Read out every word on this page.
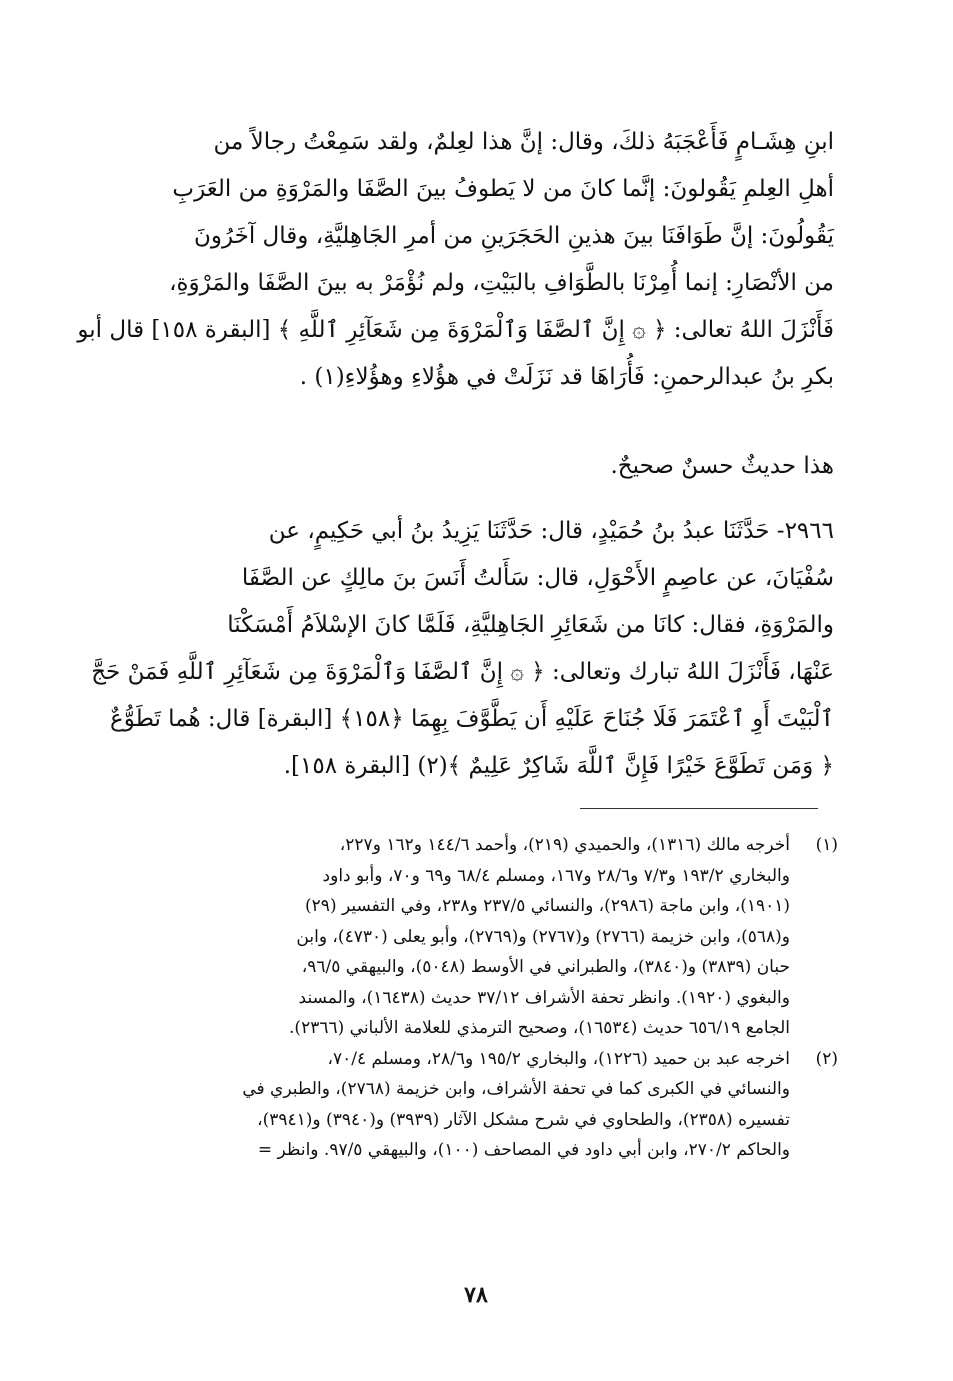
ابنِ هِشَـامٍ فَأَعْجَبَهُ ذلكَ، وقال: إنَّ هذا لعِلمٌ، ولقد سَمِعْتُ رجالاً من
أهلِ العِلمِ يَقُولونَ: إنَّما كانَ من لا يَطوفُ بينَ الصَّفَا والمَرْوَةِ من العَرَبِ
يَقُولُونَ: إنَّ طَوَافَنَا بينَ هذينِ الحَجَرَينِ من أمرِ الجَاهِليَّةِ، وقال آخَرُونَ
من الأنْصَارِ: إنما أُمِرْنَا بالطَّوَافِ بالبَيْتِ، ولم نُؤْمَرْ به بينَ الصَّفَا والمَرْوَةِ،
فَأَنْزَلَ اللهُ تعالى: ﴿ ۞ إِنَّ ٱلصَّفَا وَٱلْمَرْوَةَ مِن شَعَآئِرِ ٱللَّهِ ﴾ [البقرة ١٥٨] قال أبو
بكرِ بنُ عبدالرحمنِ: فَأُرَاهَا قد نَزَلَتْ في هؤُلاءِ وهؤُلاءِ(١) .
هذا حديثٌ حسنٌ صحيحٌ.
٢٩٦٦- حَدَّثَنَا عبدُ بنُ حُمَيْدٍ، قال: حَدَّثَنَا يَزِيدُ بنُ أبي حَكِيمٍ، عن
سُفْيَانَ، عن عاصِمٍ الأَحْوَلِ، قال: سَأَلتُ أَنَسَ بنَ مالِكٍ عن الصَّفَا
والمَرْوَةِ، فقال: كانَا من شَعَائِرِ الجَاهِليَّةِ، فَلَمَّا كانَ الإسْلاَمُ أَمْسَكْنَا
عَنْهَا، فَأَنْزَلَ اللهُ تبارك وتعالى: ﴿ ۞ إِنَّ ٱلصَّفَا وَٱلْمَرْوَةَ مِن شَعَآئِرِ ٱللَّهِ فَمَنْ حَجَّ
ٱلْبَيْتَ أَوِ ٱعْتَمَرَ فَلَا جُنَاحَ عَلَيْهِ أَن يَطَّوَّفَ بِهِمَا ﴿١٥٨﴾ [البقرة] قال: هُما تَطَوُّعٌ
﴿ وَمَن تَطَوَّعَ خَيْرًا فَإِنَّ ٱللَّهَ شَاكِرٌ عَلِيمٌ ﴾(٢) [البقرة ١٥٨].
(١)
أخرجه مالك (١٣١٦)، والحميدي (٢١٩)، وأحمد ١٤٤/٦ و١٦٢ و٢٢٧،
والبخاري ١٩٣/٢ و٧/٣ و٢٨/٦ و١٦٧، ومسلم ٦٨/٤ و٦٩ و٧٠، وأبو داود
(١٩٠١)، وابن ماجة (٢٩٨٦)، والنسائي ٢٣٧/٥ و٢٣٨، وفي التفسير (٢٩)
و(٥٦٨)، وابن خزيمة (٢٧٦٦) و(٢٧٦٧) و(٢٧٦٩)، وأبو يعلى (٤٧٣٠)، وابن
حبان (٣٨٣٩) و(٣٨٤٠)، والطبراني في الأوسط (٥٠٤٨)، والبيهقي ٩٦/٥،
والبغوي (١٩٢٠). وانظر تحفة الأشراف ٣٧/١٢ حديث (١٦٤٣٨)، والمسند
الجامع ٦٥٦/١٩ حديث (١٦٥٣٤)، وصحيح الترمذي للعلامة الألباني (٢٣٦٦).
(٢)
اخرجه عبد بن حميد (١٢٢٦)، والبخاري ١٩٥/٢ و٢٨/٦، ومسلم ٧٠/٤،
والنسائي في الكبرى كما في تحفة الأشراف، وابن خزيمة (٢٧٦٨)، والطبري في
تفسيره (٢٣٥٨)، والطحاوي في شرح مشكل الآثار (٣٩٣٩) و(٣٩٤٠) و(٣٩٤١)،
والحاكم ٢٧٠/٢، وابن أبي داود في المصاحف (١٠٠)، والبيهقي ٩٧/٥. وانظر =
٧٨
